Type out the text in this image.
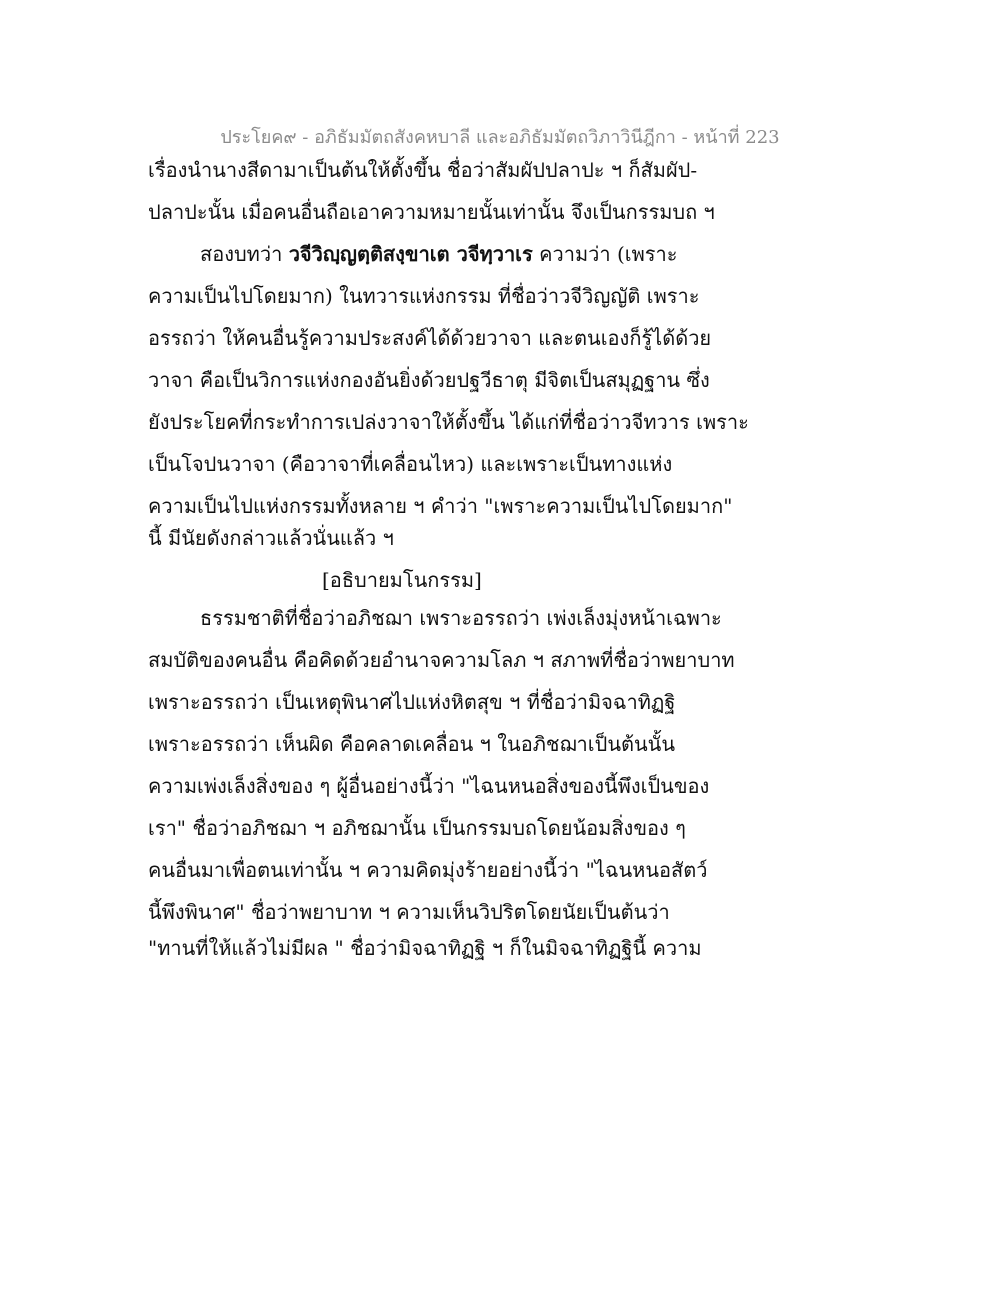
ประโยค๙ - อภิธัมมัตถสังคหบาลี และอภิธัมมัตถวิภาวินีฎีกา - หน้าที่ 223
เรื่องนำนางสีดามาเป็นต้นให้ตั้งขึ้น ชื่อว่าสัมผัปปลาปะ ฯ ก็สัมผัป-
ปลาปะนั้น เมื่อคนอื่นถือเอาความหมายนั้นเท่านั้น จึงเป็นกรรมบถ ฯ
สองบทว่า วจีวิญฺญตฺติสงฺขาเต วจีทฺวาเร ความว่า (เพราะ
ความเป็นไปโดยมาก) ในทวารแห่งกรรม ที่ชื่อว่าวจีวิญญัติ เพราะ
อรรถว่า ให้คนอื่นรู้ความประสงค์ได้ด้วยวาจา และตนเองก็รู้ได้ด้วย
วาจา คือเป็นวิการแห่งกองอันยิ่งด้วยปฐวีธาตุ มีจิตเป็นสมุฏฐาน ซึ่ง
ยังประโยคที่กระทำการเปล่งวาจาให้ตั้งขึ้น ได้แก่ที่ชื่อว่าวจีทวาร เพราะ
เป็นโจปนวาจา (คือวาจาที่เคลื่อนไหว) และเพราะเป็นทางแห่ง
ความเป็นไปแห่งกรรมทั้งหลาย ฯ คำว่า "เพราะความเป็นไปโดยมาก"
นี้ มีนัยดังกล่าวแล้วนั่นแล้ว ฯ
[อธิบายมโนกรรม]
ธรรมชาติที่ชื่อว่าอภิชฌา เพราะอรรถว่า เพ่งเล็งมุ่งหน้าเฉพาะ
สมบัติของคนอื่น คือคิดด้วยอำนาจความโลภ ฯ สภาพที่ชื่อว่าพยาบาท
เพราะอรรถว่า เป็นเหตุพินาศไปแห่งหิตสุข ฯ ที่ชื่อว่ามิจฉาทิฏฐิ
เพราะอรรถว่า เห็นผิด คือคลาดเคลื่อน ฯ ในอภิชฌาเป็นต้นนั้น
ความเพ่งเล็งสิ่งของ ๆ ผู้อื่นอย่างนี้ว่า "ไฉนหนอสิ่งของนี้พึงเป็นของ
เรา" ชื่อว่าอภิชฌา ฯ อภิชฌานั้น เป็นกรรมบถโดยน้อมสิ่งของ ๆ
คนอื่นมาเพื่อตนเท่านั้น ฯ ความคิดมุ่งร้ายอย่างนี้ว่า "ไฉนหนอสัตว์
นี้พึงพินาศ" ชื่อว่าพยาบาท ฯ ความเห็นวิปริตโดยนัยเป็นต้นว่า
"ทานที่ให้แล้วไม่มีผล " ชื่อว่ามิจฉาทิฏฐิ ฯ ก็ในมิจฉาทิฏฐินี้ ความ
